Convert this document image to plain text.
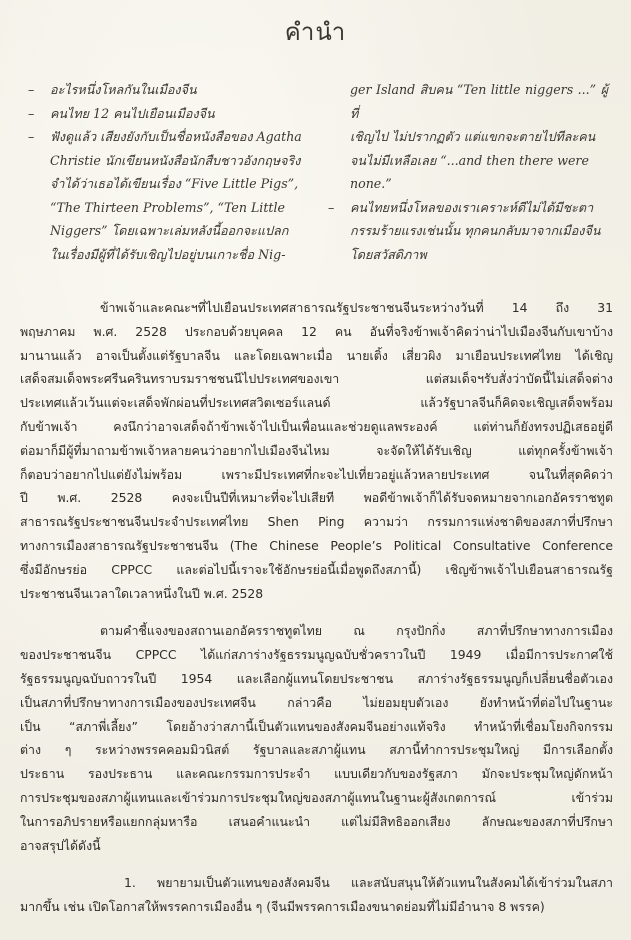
คำนำ
–	อะไรหนึ่งโหลกันในเมืองจีน
–	คนไทย 12 คนไปเยือนเมืองจีน
–	ฟังดูแล้ว เสียงยังกับเป็นชื่อหนังสือของ Agatha
Christie นักเขียนหนังสือนักสืบชาวอังกฤษจริง
จำได้ว่าเธอได้เขียนเรื่อง “Five Little Pigs”,
“The Thirteen Problems”, “Ten Little
Niggers” โดยเฉพาะเล่มหลังนี้ออกจะแปลก
ในเรื่องมีผู้ที่ได้รับเชิญไปอยู่บนเกาะชื่อ Nig-
ger Island สิบคน “Ten little niggers ...” ผู้ที่
เชิญไป ไม่ปรากฏตัว แต่แขกจะตายไปทีละคน
จนไม่มีเหลือเลย “...and then there were
none.”
–	คนไทยหนึ่งโหลของเราเคราะห์ดีไม่ได้มีชะตา
กรรมร้ายแรงเช่นนั้น ทุกคนกลับมาจากเมืองจีน
โดยสวัสดิภาพ
ข้าพเจ้าและคณะฯที่ไปเยือนประเทศสาธารณรัฐประชาชนจีนระหว่างวันที่ 14 ถึง 31
พฤษภาคม พ.ศ. 2528 ประกอบด้วยบุคคล 12 คน อันที่จริงข้าพเจ้าคิดว่าน่าไปเมืองจีนกับเขาบ้าง
มานานแล้ว อาจเป็นตั้งแต่รัฐบาลจีน และโดยเฉพาะเมื่อ นายเติ้ง เสี่ยวผิง มาเยือนประเทศไทย ได้เชิญ
เสด็จสมเด็จพระศรีนครินทราบรมราชชนนีไปประเทศของเขา แต่สมเด็จฯรับสั่งว่าบัดนี้ไม่เสด็จต่าง
ประเทศแล้วเว้นแต่จะเสด็จพักผ่อนที่ประเทศสวิตเซอร์แลนด์ แล้วรัฐบาลจีนก็คิดจะเชิญเสด็จพร้อม
กับข้าพเจ้า คงนึกว่าอาจเสด็จถ้าข้าพเจ้าไปเป็นเพื่อนและช่วยดูแลพระองค์ แต่ท่านก็ยังทรงปฏิเสธอยู่ดี
ต่อมาก็มีผู้ที่มาถามข้าพเจ้าหลายคนว่าอยากไปเมืองจีนไหม จะจัดให้ได้รับเชิญ แต่ทุกครั้งข้าพเจ้า
ก็ตอบว่าอยากไปแต่ยังไม่พร้อม เพราะมีประเทศที่กะจะไปเที่ยวอยู่แล้วหลายประเทศ จนในที่สุดคิดว่า
ปี พ.ศ. 2528 คงจะเป็นปีที่เหมาะที่จะไปเสียที พอดีข้าพเจ้าก็ได้รับจดหมายจากเอกอัครราชทูต
สาธารณรัฐประชาชนจีนประจำประเทศไทย Shen Ping ความว่า กรรมการแห่งชาติของสภาที่ปรึกษา
ทางการเมืองสาธารณรัฐประชาชนจีน (The Chinese People’s Political Consultative Conference
ซึ่งมีอักษรย่อ CPPCC และต่อไปนี้เราจะใช้อักษรย่อนี้เมื่อพูดถึงสภานี้) เชิญข้าพเจ้าไปเยือนสาธารณรัฐ
ประชาชนจีนเวลาใดเวลาหนึ่งในปี พ.ศ. 2528
ตามคำชี้แจงของสถานเอกอัครราชทูตไทย ณ กรุงปักกิ่ง สภาที่ปรึกษาทางการเมือง
ของประชาชนจีน CPPCC ได้แก่สภาร่างรัฐธรรมนูญฉบับชั่วคราวในปี 1949 เมื่อมีการประกาศใช้
รัฐธรรมนูญฉบับถาวรในปี 1954 และเลือกผู้แทนโดยประชาชน สภาร่างรัฐธรรมนูญก็เปลี่ยนชื่อตัวเอง
เป็นสภาที่ปรึกษาทางการเมืองของประเทศจีน กล่าวคือ ไม่ยอมยุบตัวเอง ยังทำหน้าที่ต่อไปในฐานะ
เป็น “สภาพี่เลี้ยง” โดยอ้างว่าสภานี้เป็นตัวแทนของสังคมจีนอย่างแท้จริง ทำหน้าที่เชื่อมโยงกิจกรรม
ต่าง ๆ ระหว่างพรรคคอมมิวนิสต์ รัฐบาลและสภาผู้แทน สภานี้ทำการประชุมใหญ่ มีการเลือกตั้ง
ประธาน รองประธาน และคณะกรรมการประจำ แบบเดียวกับของรัฐสภา มักจะประชุมใหญ่ดักหน้า
การประชุมของสภาผู้แทนและเข้าร่วมการประชุมใหญ่ของสภาผู้แทนในฐานะผู้สังเกตการณ์ เข้าร่วม
ในการอภิปรายหรือแยกกลุ่มหารือ เสนอคำแนะนำ แต่ไม่มีสิทธิออกเสียง ลักษณะของสภาที่ปรึกษา
อาจสรุปได้ดังนี้
1. พยายามเป็นตัวแทนของสังคมจีน และสนับสนุนให้ตัวแทนในสังคมได้เข้าร่วมในสภา
มากขึ้น เช่น เปิดโอกาสให้พรรคการเมืองอื่น ๆ (จีนมีพรรคการเมืองขนาดย่อมที่ไม่มีอำนาจ 8 พรรค)
